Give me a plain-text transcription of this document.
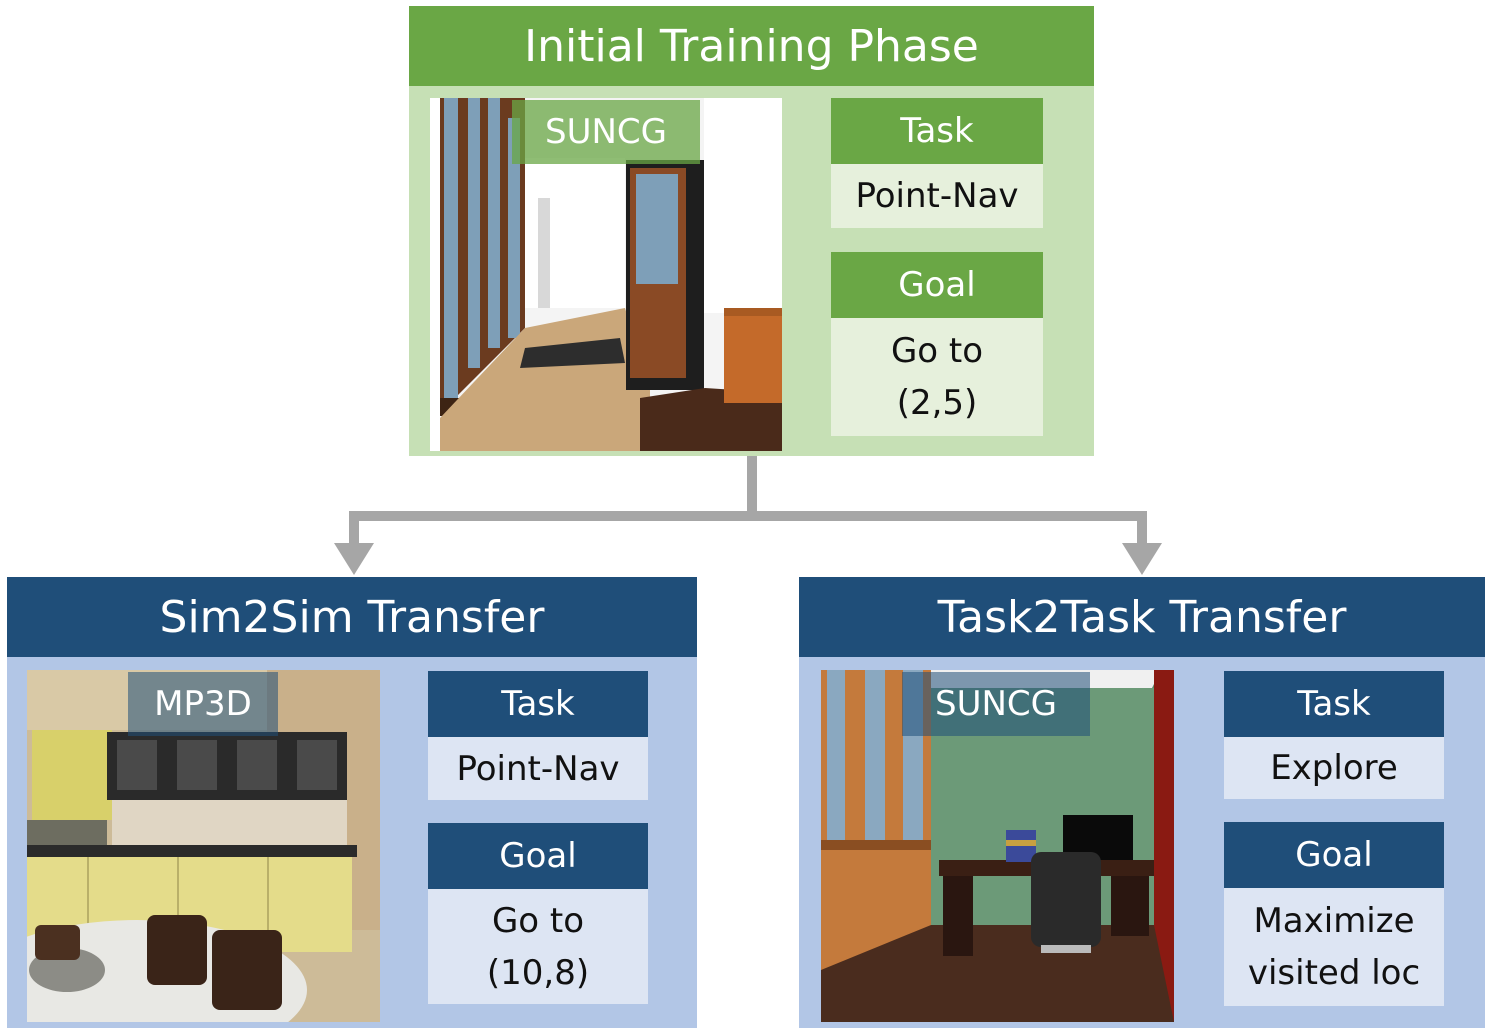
Initial Training Phase
SUNCG	Task
Point-Nav
Goal
Go to
(2,5)
Sim2Sim Transfer
MP3D	Task
Point-Nav
Goal
Go to
(10,8)
Task2Task Transfer
SUNCG	Task
Explore
Goal
Maximize
visited loc
